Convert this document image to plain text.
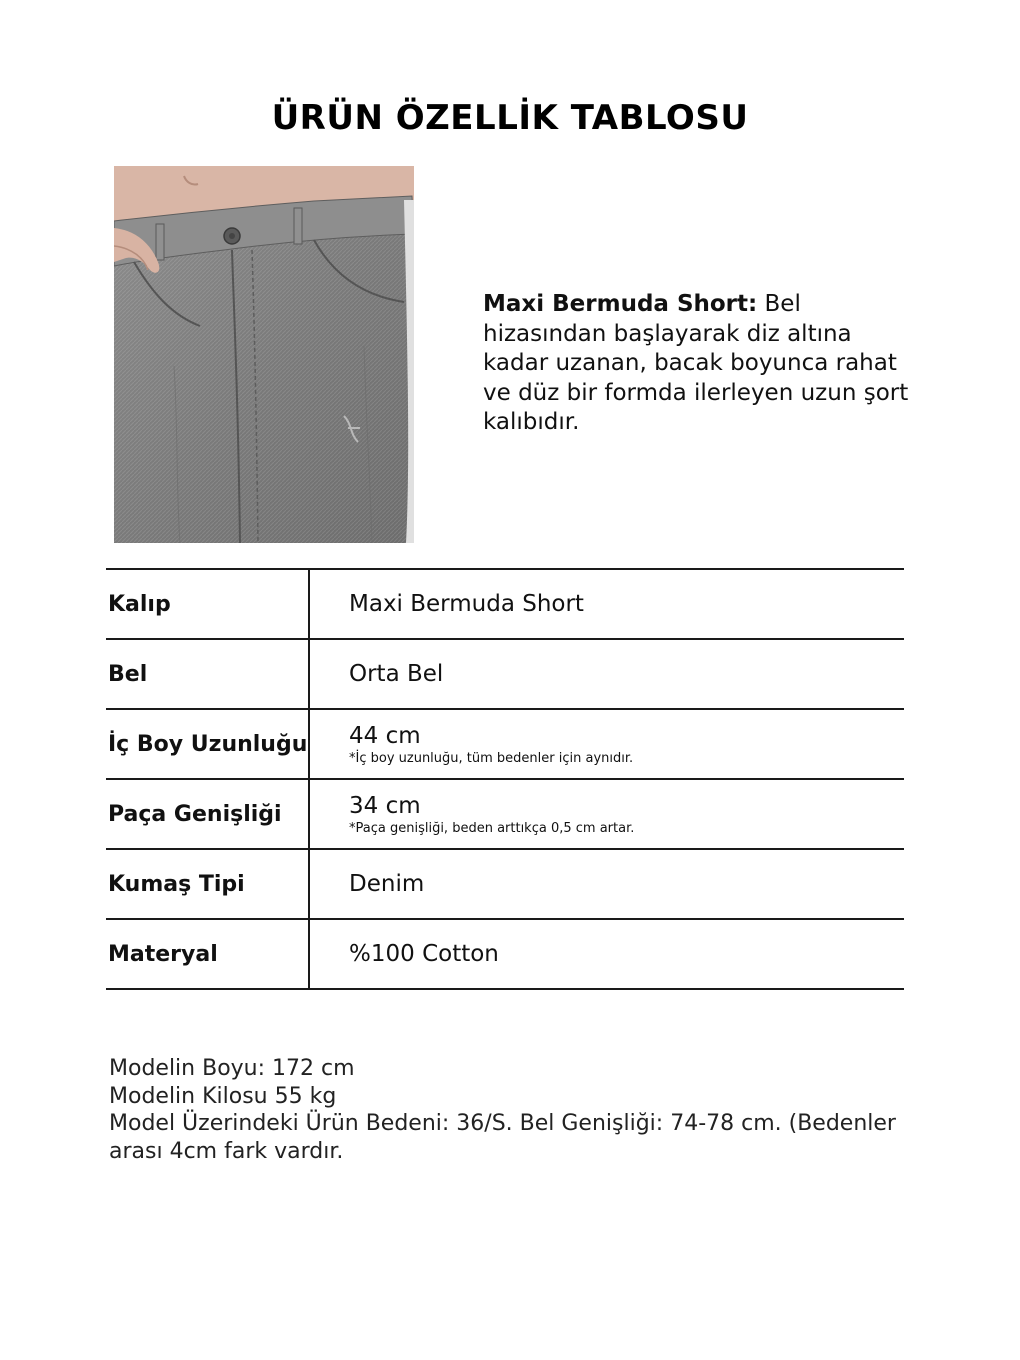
ÜRÜN ÖZELLİK TABLOSU
Maxi Bermuda Short: Bel hizasından başlayarak diz altına kadar uzanan, bacak boyunca rahat ve düz bir formda ilerleyen uzun şort kalıbıdır.
Kalıp	Maxi Bermuda Short
Bel	Orta Bel
İç Boy Uzunluğu	44 cm
*İç boy uzunluğu, tüm bedenler için aynıdır.

Paça Genişliği	34 cm
*Paça genişliği, beden arttıkça 0,5 cm artar.

Kumaş Tipi	Denim
Materyal	%100 Cotton
Modelin Boyu: 172 cm
Modelin Kilosu 55 kg
Model Üzerindeki Ürün Bedeni: 36/S. Bel Genişliği: 74-78 cm. (Bedenler arası 4cm fark vardır.
